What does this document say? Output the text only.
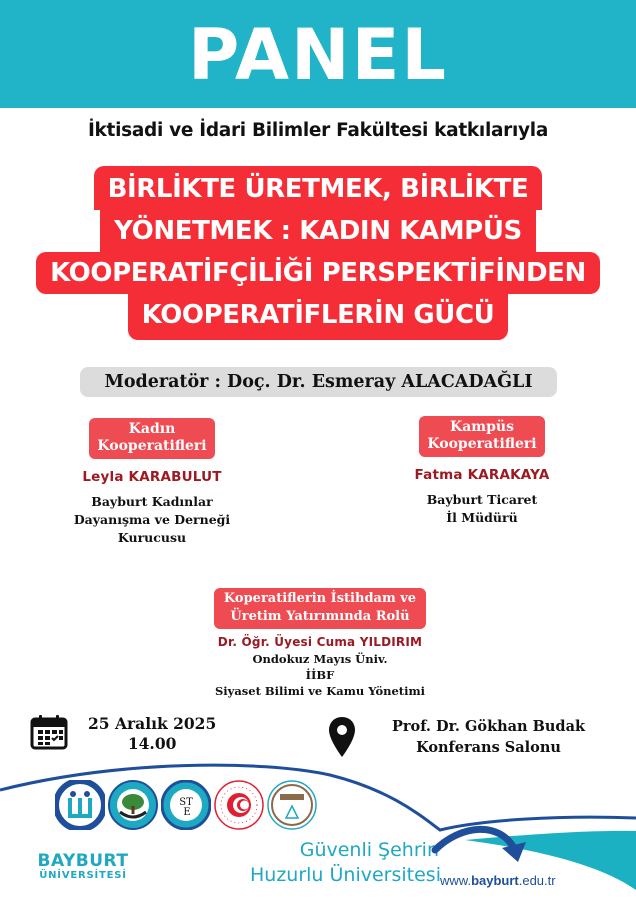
PANEL
İktisadi ve İdari Bilimler Fakültesi katkılarıyla
BİRLİKTE ÜRETMEK, BİRLİKTE
YÖNETMEK : KADIN KAMPÜS
KOOPERATİFÇİLİĞİ PERSPEKTİFİNDEN
KOOPERATİFLERİN GÜCÜ
Moderatör : Doç. Dr. Esmeray ALACADAĞLI
Kadın
Kooperatifleri
Leyla KARABULUT
Bayburt Kadınlar
Dayanışma ve Derneği
Kurucusu
Kampüs
Kooperatifleri
Fatma KARAKAYA
Bayburt Ticaret
İl Müdürü
Koperatiflerin İstihdam ve
Üretim Yatırımında Rolü
Dr. Öğr. Üyesi Cuma YILDIRIM
Ondokuz Mayıs Üniv.
İİBF
Siyaset Bilimi ve Kamu Yönetimi
25 Aralık 2025
14.00
Prof. Dr. Gökhan Budak
Konferans Salonu
ST
E
BAYBURT
ÜNİVERSİTESİ
Güvenli Şehrin
Huzurlu Üniversitesi www.bayburt.edu.tr
